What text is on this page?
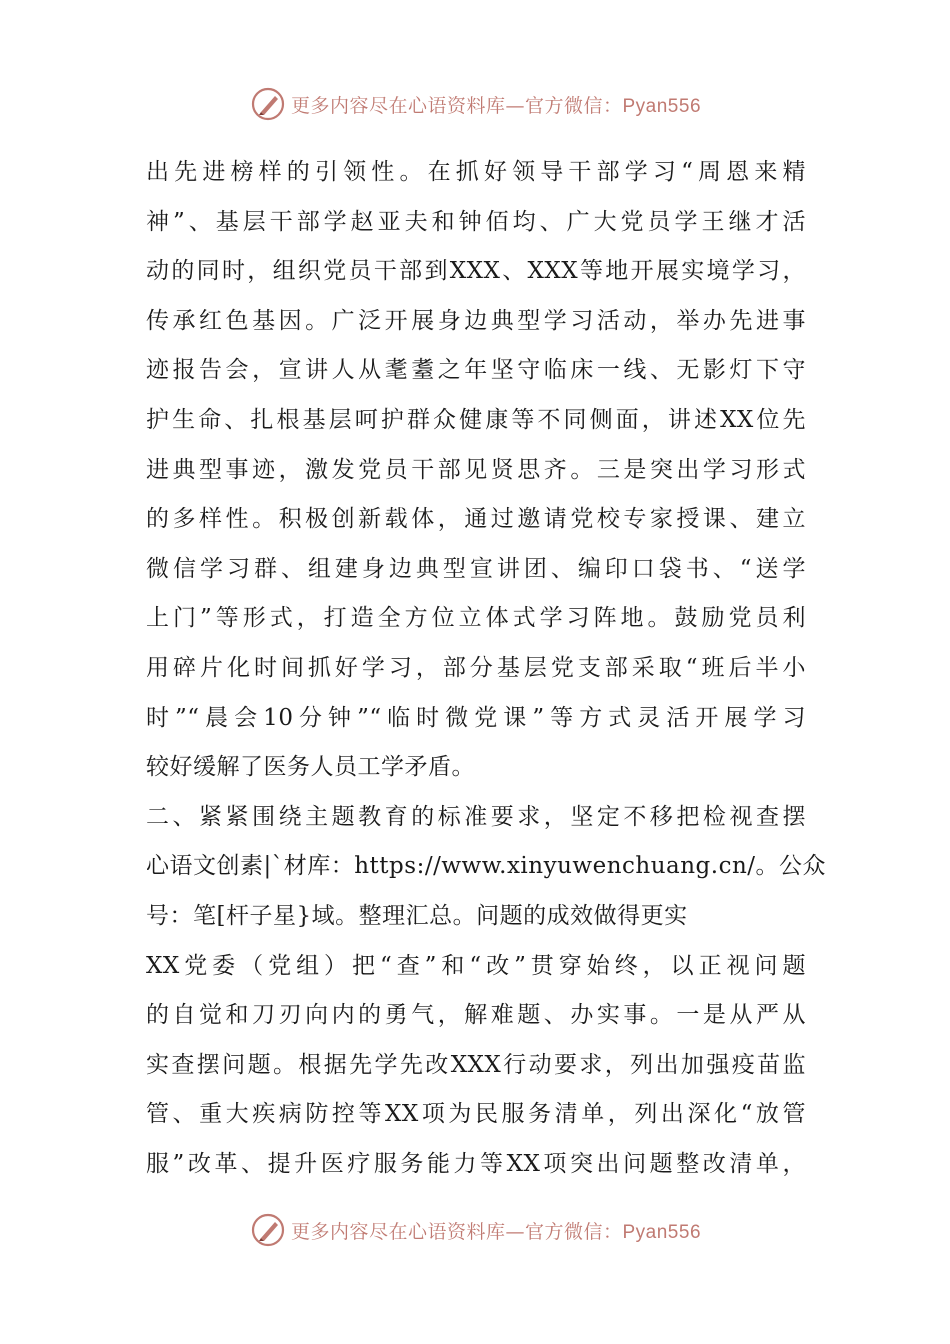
更多内容尽在心语资料库—官方微信：Pyan556
出先进榜样的引领性。在抓好领导干部学习“周恩来精
神”、基层干部学赵亚夫和钟佰均、广大党员学王继才活
动的同时，组织党员干部到XXX、XXX等地开展实境学习，
传承红色基因。广泛开展身边典型学习活动，举办先进事
迹报告会，宣讲人从耄耋之年坚守临床一线、无影灯下守
护生命、扎根基层呵护群众健康等不同侧面，讲述XX位先
进典型事迹，激发党员干部见贤思齐。三是突出学习形式
的多样性。积极创新载体，通过邀请党校专家授课、建立
微信学习群、组建身边典型宣讲团、编印口袋书、“送学
上门”等形式，打造全方位立体式学习阵地。鼓励党员利
用碎片化时间抓好学习，部分基层党支部采取“班后半小
时”“晨会10分钟”“临时微党课”等方式灵活开展学习
较好缓解了医务人员工学矛盾。
二、紧紧围绕主题教育的标准要求，坚定不移把检视查摆
心语文创素|`材库：https://www.xinyuwenchuang.cn/。公众
号：笔[杆子星}域。整理汇总。问题的成效做得更实
XX党委（党组）把“查”和“改”贯穿始终，以正视问题
的自觉和刀刃向内的勇气，解难题、办实事。一是从严从
实查摆问题。根据先学先改XXX行动要求，列出加强疫苗监
管、重大疾病防控等XX项为民服务清单，列出深化“放管
服”改革、提升医疗服务能力等XX项突出问题整改清单，
更多内容尽在心语资料库—官方微信：Pyan556
